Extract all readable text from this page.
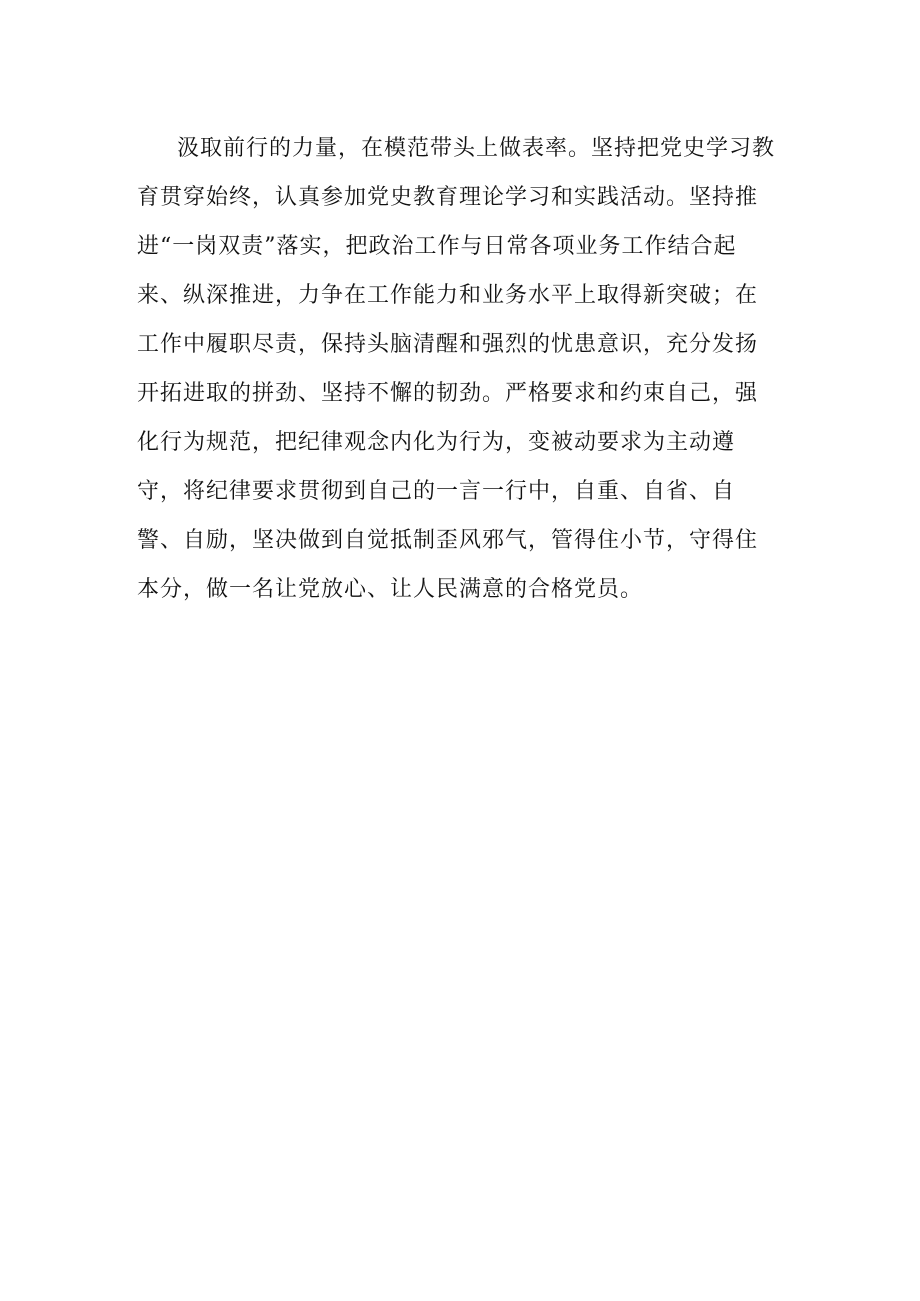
汲取前行的力量，在模范带头上做表率。坚持把党史学习教
育贯穿始终，认真参加党史教育理论学习和实践活动。坚持推
进“一岗双责”落实，把政治工作与日常各项业务工作结合起
来、纵深推进，力争在工作能力和业务水平上取得新突破；在
工作中履职尽责，保持头脑清醒和强烈的忧患意识，充分发扬
开拓进取的拼劲、坚持不懈的韧劲。严格要求和约束自己，强
化行为规范，把纪律观念内化为行为，变被动要求为主动遵
守，将纪律要求贯彻到自己的一言一行中，自重、自省、自
警、自励，坚决做到自觉抵制歪风邪气，管得住小节，守得住
本分，做一名让党放心、让人民满意的合格党员。
